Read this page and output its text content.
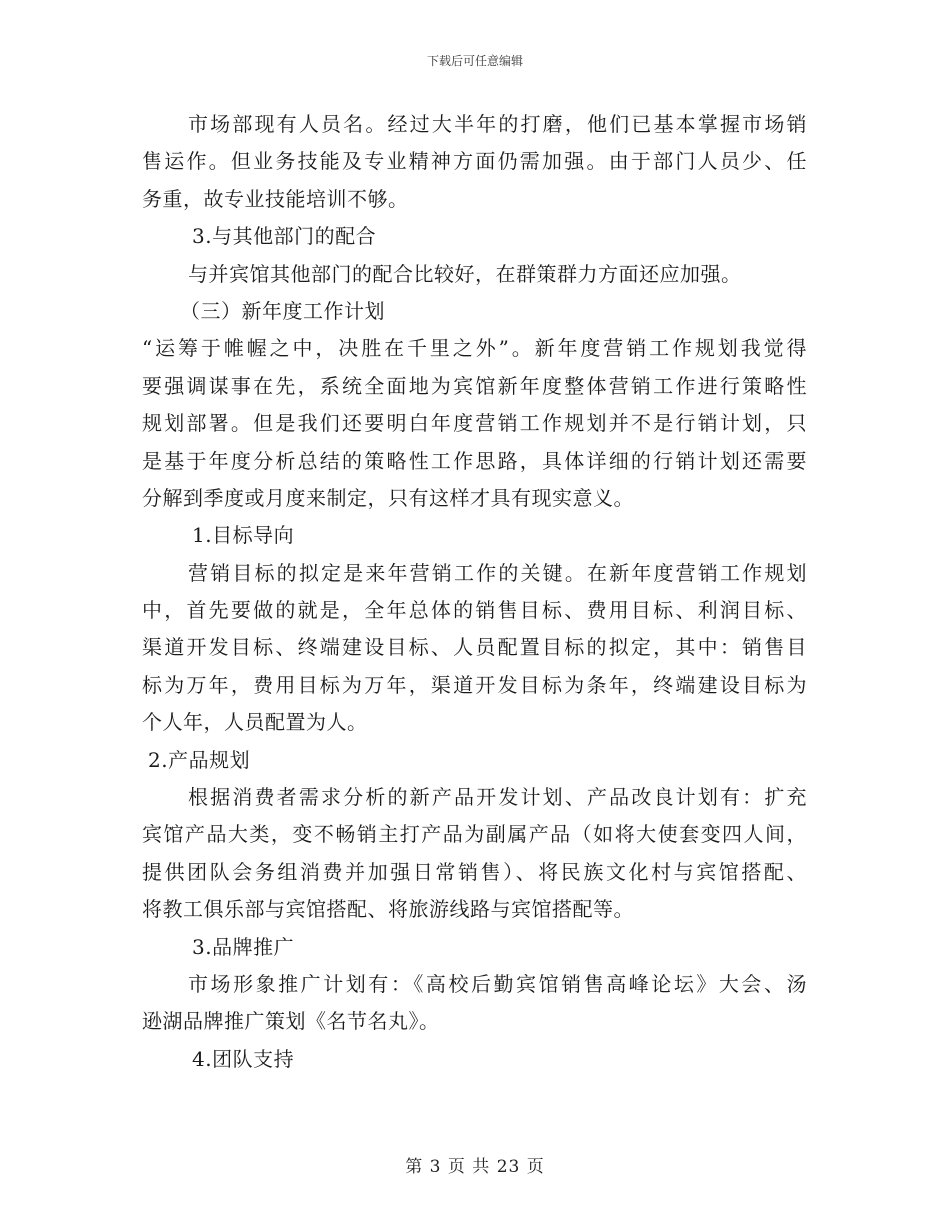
下载后可任意编辑
市场部现有人员名。经过大半年的打磨，他们已基本掌握市场销
售运作。但业务技能及专业精神方面仍需加强。由于部门人员少、任
务重，故专业技能培训不够。
3.与其他部门的配合
与并宾馆其他部门的配合比较好，在群策群力方面还应加强。
（三）新年度工作计划
“运筹于帷幄之中，决胜在千里之外”。新年度营销工作规划我觉得
要强调谋事在先，系统全面地为宾馆新年度整体营销工作进行策略性
规划部署。但是我们还要明白年度营销工作规划并不是行销计划，只
是基于年度分析总结的策略性工作思路，具体详细的行销计划还需要
分解到季度或月度来制定，只有这样才具有现实意义。
1.目标导向
营销目标的拟定是来年营销工作的关键。在新年度营销工作规划
中，首先要做的就是，全年总体的销售目标、费用目标、利润目标、
渠道开发目标、终端建设目标、人员配置目标的拟定，其中：销售目
标为万年，费用目标为万年，渠道开发目标为条年，终端建设目标为
个人年，人员配置为人。
2.产品规划
根据消费者需求分析的新产品开发计划、产品改良计划有：扩充
宾馆产品大类，变不畅销主打产品为副属产品（如将大使套变四人间，
提供团队会务组消费并加强日常销售）、将民族文化村与宾馆搭配、
将教工俱乐部与宾馆搭配、将旅游线路与宾馆搭配等。
3.品牌推广
市场形象推广计划有：《高校后勤宾馆销售高峰论坛》大会、汤
逊湖品牌推广策划《名节名丸》。
4.团队支持
第 3 页 共 23 页
